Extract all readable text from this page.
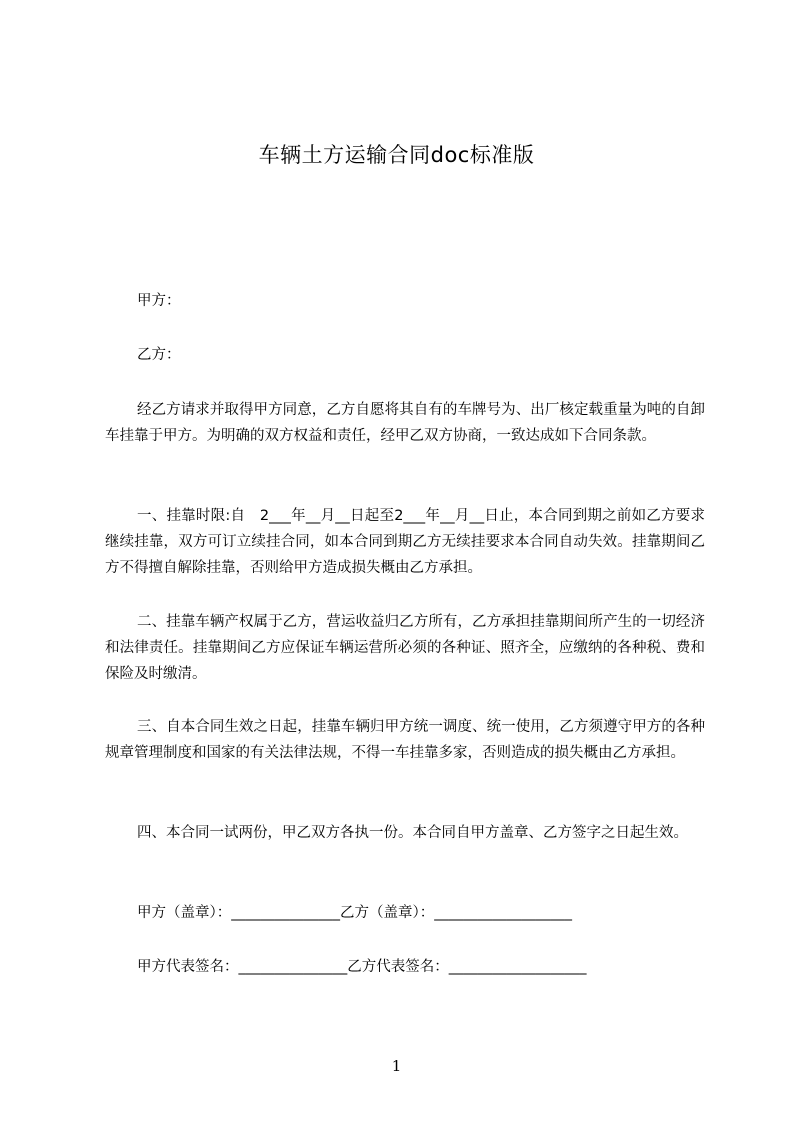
车辆土方运输合同doc标准版
甲方：
乙方：
经乙方请求并取得甲方同意，乙方自愿将其自有的车牌号为、出厂核定载重量为吨的自卸车挂靠于甲方。为明确的双方权益和责任，经甲乙双方协商，一致达成如下合同条款。
一、挂靠时限:自　2___年__月__日起至2___年__月__日止，本合同到期之前如乙方要求继续挂靠，双方可订立续挂合同，如本合同到期乙方无续挂要求本合同自动失效。挂靠期间乙方不得擅自解除挂靠，否则给甲方造成损失概由乙方承担。
二、挂靠车辆产权属于乙方，营运收益归乙方所有，乙方承担挂靠期间所产生的一切经济和法律责任。挂靠期间乙方应保证车辆运营所必须的各种证、照齐全，应缴纳的各种税、费和保险及时缴清。
三、自本合同生效之日起，挂靠车辆归甲方统一调度、统一使用，乙方须遵守甲方的各种规章管理制度和国家的有关法律法规，不得一车挂靠多家，否则造成的损失概由乙方承担。
四、本合同一试两份，甲乙双方各执一份。本合同自甲方盖章、乙方签字之日起生效。
甲方（盖章）：_______________乙方（盖章）：___________________
甲方代表签名：_______________乙方代表签名：___________________
1
